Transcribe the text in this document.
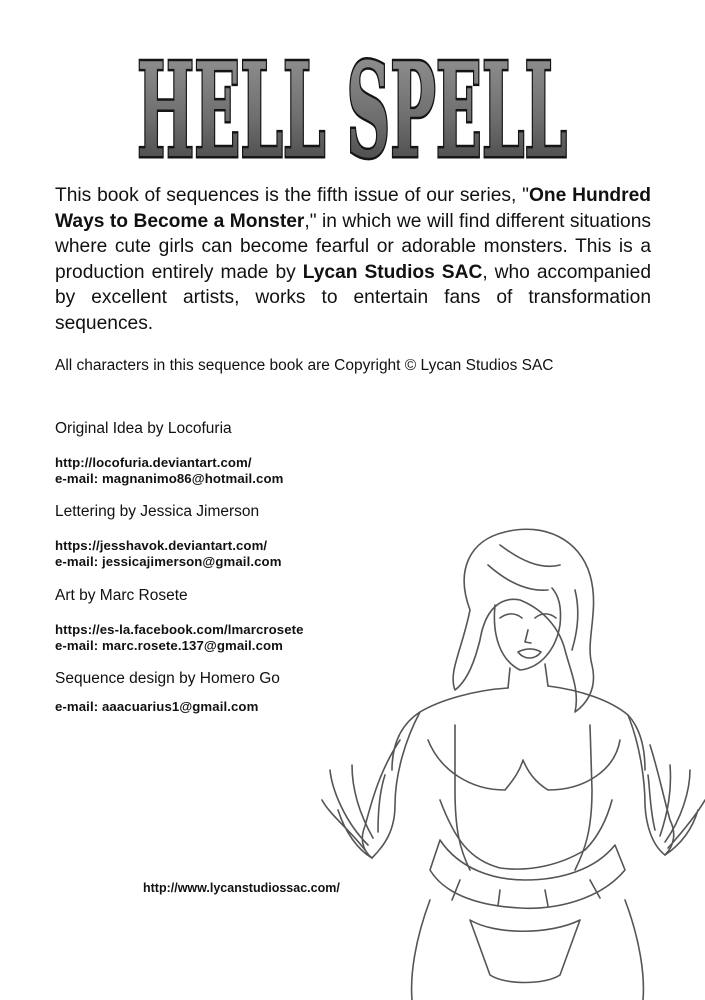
HELL SPELL

This book of sequences is the fifth issue of our series, "One Hundred Ways to Become a Monster," in which we will find different situations where cute girls can become fearful or adorable monsters. This is a production entirely made by Lycan Studios SAC, who accompanied by excellent artists, works to entertain fans of transformation sequences.

All characters in this sequence book are Copyright © Lycan Studios SAC

Original Idea by Locofuria

http://locofuria.deviantart.com/

e-mail: magnanimo86@hotmail.com

Lettering by Jessica Jimerson

https://jesshavok.deviantart.com/

e-mail: jessicajimerson@gmail.com

Art by Marc Rosete

https://es-la.facebook.com/lmarcrosete

e-mail: marc.rosete.137@gmail.com

Sequence design by Homero Go

e-mail: aaacuarius1@gmail.com

http://www.lycanstudiossac.com/
